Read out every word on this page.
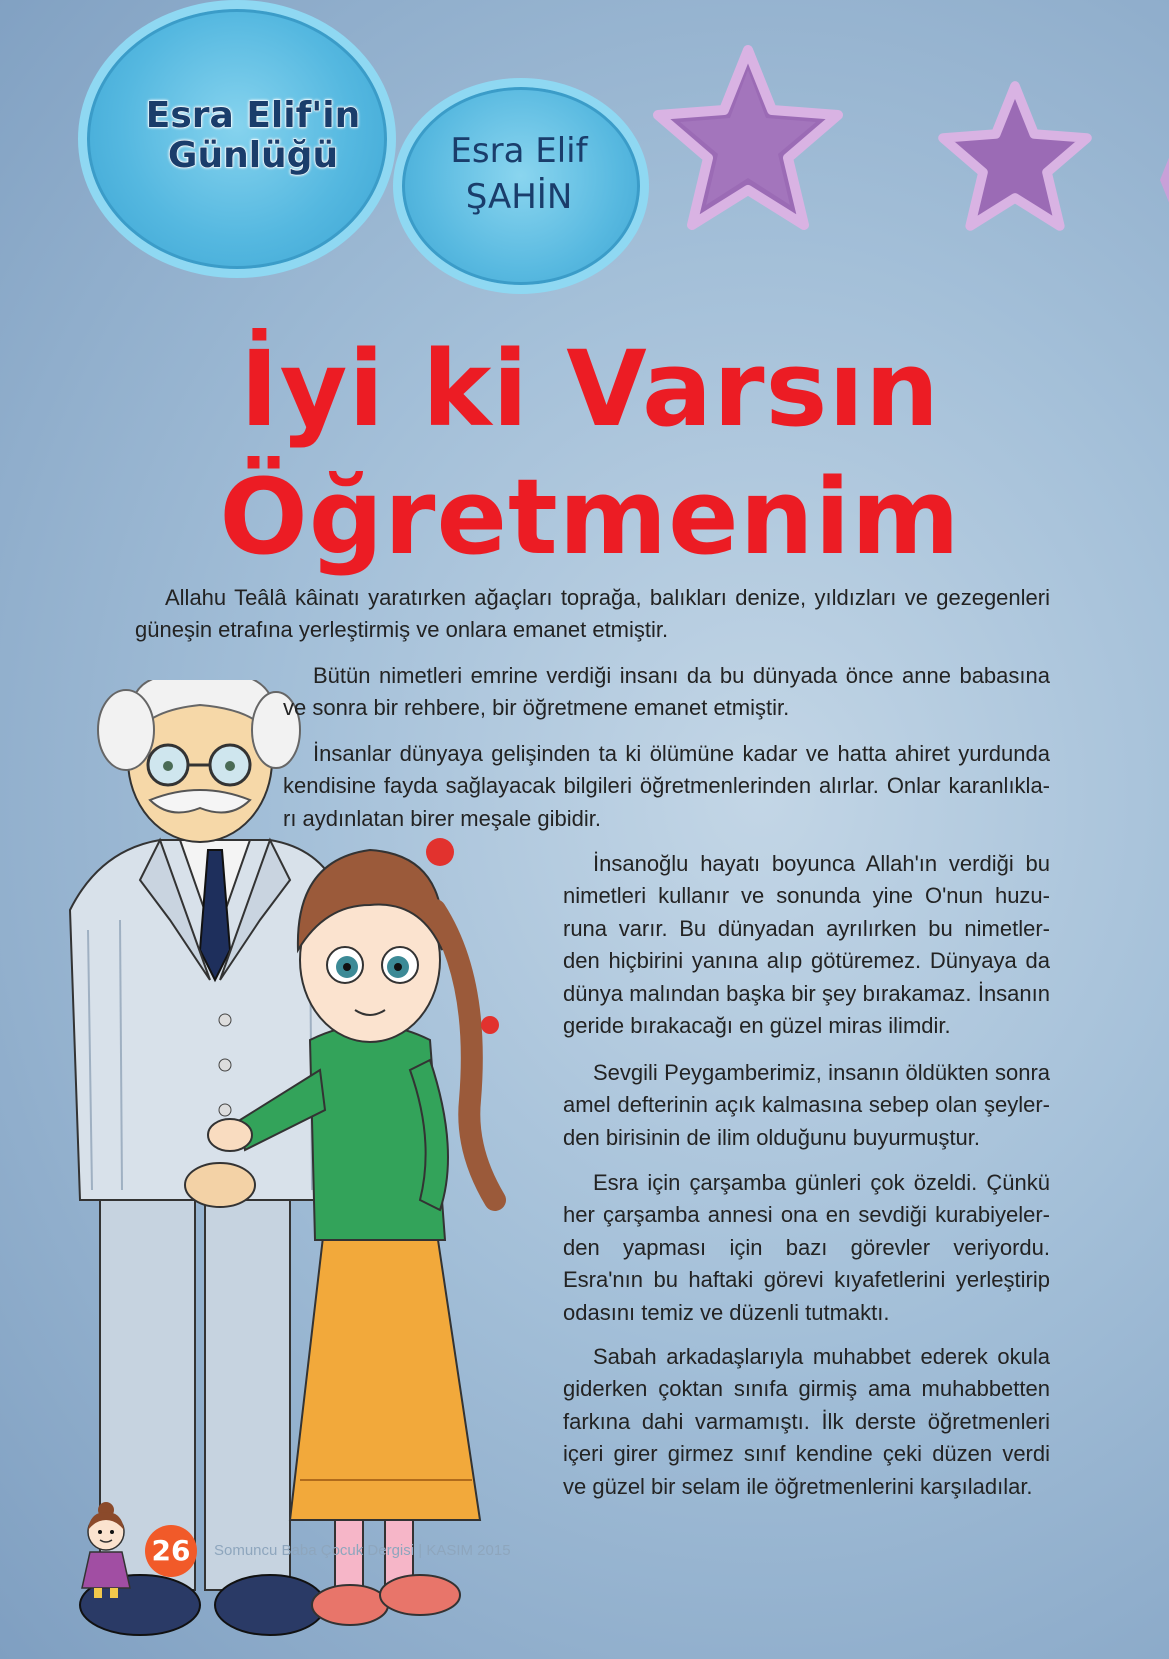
Esra Elif'in
Günlüğü	Esra Elif
ŞAHİN
İyi ki Varsın
Öğretmenim

Allahu Teâlâ kâinatı yaratırken ağaçları toprağa, balıkları denize, yıldızları ve gezegenleri güneşin etrafına yerleştirmiş ve onlara emanet etmiştir.

Bütün nimetleri emrine verdiği insanı da bu dünyada önce anne babasına ve sonra bir rehbere, bir öğretmene emanet etmiştir.

İnsanlar dünyaya gelişinden ta ki ölümüne kadar ve hatta ahiret yurdunda kendisine fayda sağlayacak bilgileri öğretmenlerinden alırlar. Onlar karanlıkla-rı aydınlatan birer meşale gibidir.

İnsanoğlu hayatı boyunca Allah'ın verdiği bu nimetleri kullanır ve sonunda yine O'nun huzu-runa varır. Bu dünyadan ayrılırken bu nimetler-den hiçbirini yanına alıp götüremez. Dünyaya da dünya malından başka bir şey bırakamaz. İnsanın geride bırakacağı en güzel miras ilimdir.

Sevgili Peygamberimiz, insanın öldükten sonra amel defterinin açık kalmasına sebep olan şeyler-den birisinin de ilim olduğunu buyurmuştur.

Esra için çarşamba günleri çok özeldi. Çünkü her çarşamba annesi ona en sevdiği kurabiyeler-den yapması için bazı görevler veriyordu. Esra'nın bu haftaki görevi kıyafetlerini yerleştirip odasını temiz ve düzenli tutmaktı.

Sabah arkadaşlarıyla muhabbet ederek okula giderken çoktan sınıfa girmiş ama muhabbetten farkına dahi varmamıştı. İlk derste öğretmenleri içeri girer girmez sınıf kendine çeki düzen verdi ve güzel bir selam ile öğretmenlerini karşıladılar.

26	Somuncu Baba Çocuk Dergisi | KASIM 2015
